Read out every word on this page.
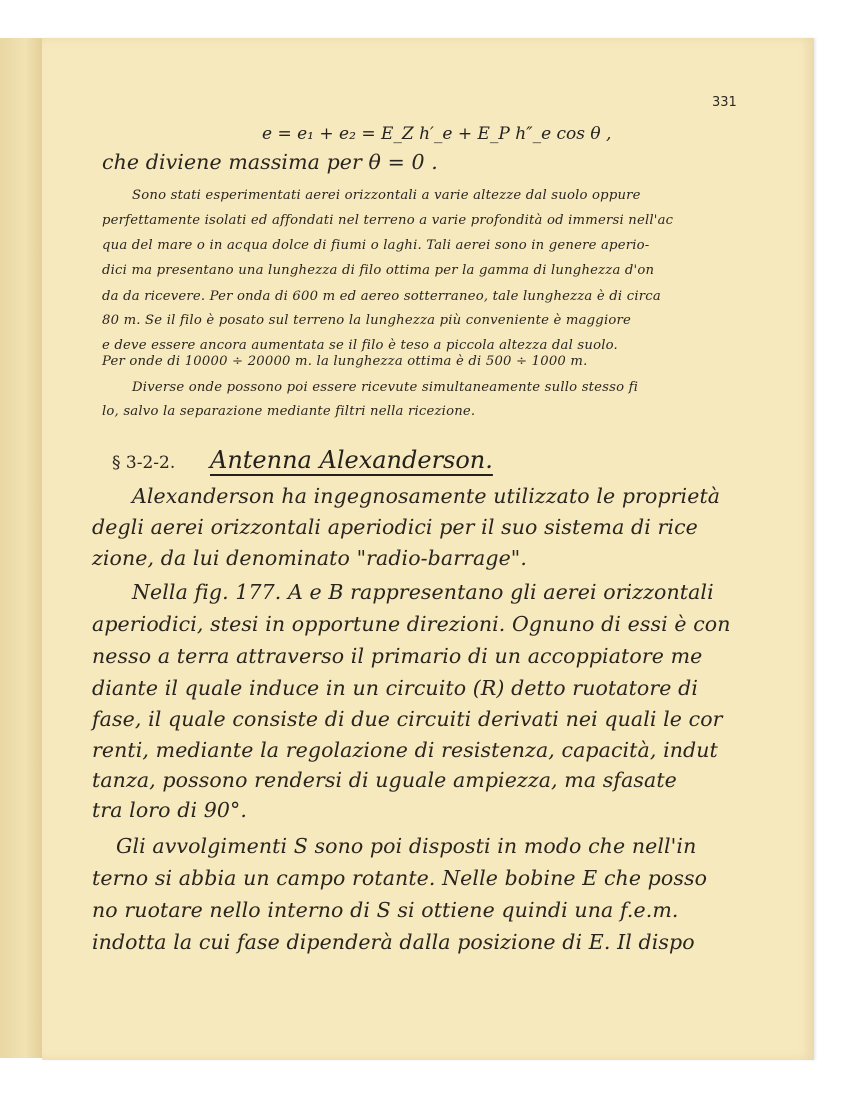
331
e = e₁ + e₂ = E_Z h′_e + E_P h″_e cos θ ,
che diviene massima per θ = 0 .
Sono stati esperimentati aerei orizzontali a varie altezze dal suolo oppure
perfettamente isolati ed affondati nel terreno a varie profondità od immersi nell'ac
qua del mare o in acqua dolce di fiumi o laghi. Tali aerei sono in genere aperio-
dici ma presentano una lunghezza di filo ottima per la gamma di lunghezza d'on
da da ricevere. Per onda di 600 m ed aereo sotterraneo, tale lunghezza è di circa
80 m. Se il filo è posato sul terreno la lunghezza più conveniente è maggiore
e deve essere ancora aumentata se il filo è teso a piccola altezza dal suolo.
Per onde di 10000 ÷ 20000 m. la lunghezza ottima è di 500 ÷ 1000 m.
Diverse onde possono poi essere ricevute simultaneamente sullo stesso fi
lo, salvo la separazione mediante filtri nella ricezione.
§ 3-2-2. Antenna Alexanderson.
Alexanderson ha ingegnosamente utilizzato le proprietà
degli aerei orizzontali aperiodici per il suo sistema di rice
zione, da lui denominato "radio-barrage".
Nella fig. 177. A e B rappresentano gli aerei orizzontali
aperiodici, stesi in opportune direzioni. Ognuno di essi è con
nesso a terra attraverso il primario di un accoppiatore me
diante il quale induce in un circuito (R) detto ruotatore di
fase, il quale consiste di due circuiti derivati nei quali le cor
renti, mediante la regolazione di resistenza, capacità, indut
tanza, possono rendersi di uguale ampiezza, ma sfasate
tra loro di 90°.
Gli avvolgimenti S sono poi disposti in modo che nell'in
terno si abbia un campo rotante. Nelle bobine E che posso
no ruotare nello interno di S si ottiene quindi una f.e.m.
indotta la cui fase dipenderà dalla posizione di E. Il dispo
